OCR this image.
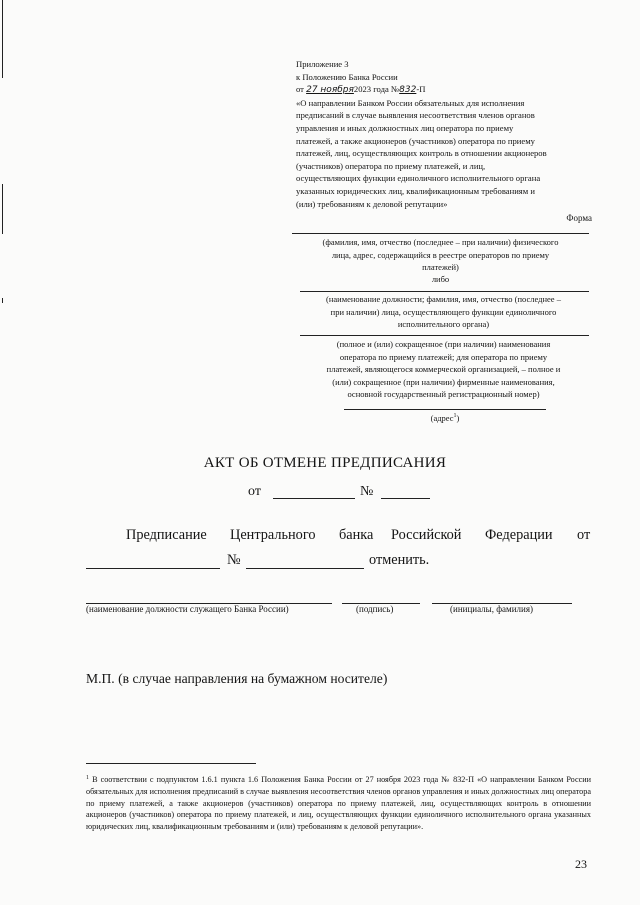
Приложение 3
к Положению Банка России
от 27 ноября2023 года №832-П
«О направлении Банком России обязательных для исполнения
предписаний в случае выявления несоответствия членов органов
управления и иных должностных лиц оператора по приему
платежей, а также акционеров (участников) оператора по приему
платежей, лиц, осуществляющих контроль в отношении акционеров
(участников) оператора по приему платежей, и лиц,
осуществляющих функции единоличного исполнительного органа
указанных юридических лиц, квалификационным требованиям и
(или) требованиям к деловой репутации»
Форма
(фамилия, имя, отчество (последнее – при наличии) физического
лица, адрес, содержащийся в реестре операторов по приему
платежей)
либо
(наименование должности; фамилия, имя, отчество (последнее –
при наличии) лица, осуществляющего функции единоличного
исполнительного органа)
(полное и (или) сокращенное (при наличии) наименования
оператора по приему платежей; для оператора по приему
платежей, являющегося коммерческой организацией, – полное и
(или) сокращенное (при наличии) фирменные наименования,
основной государственный регистрационный номер)
(адрес$^1$)
АКТ ОБ ОТМЕНЕ ПРЕДПИСАНИЯ
от	№
Предписание Центрального банка Российской Федерации от
№	отменить.
(наименование должности служащего Банка России)	(подпись)	(инициалы, фамилия)
М.П. (в случае направления на бумажном носителе)
$^1$ В соответствии с подпунктом 1.6.1 пункта 1.6 Положения Банка России от 27 ноября 2023 года № 832-П «О направлении Банком России обязательных для исполнения предписаний в случае выявления несоответствия членов органов управления и иных должностных лиц оператора по приему платежей, а также акционеров (участников) оператора по приему платежей, лиц, осуществляющих контроль в отношении акционеров (участников) оператора по приему платежей, и лиц, осуществляющих функции единоличного исполнительного органа указанных юридических лиц, квалификационным требованиям и (или) требованиям к деловой репутации».
23
